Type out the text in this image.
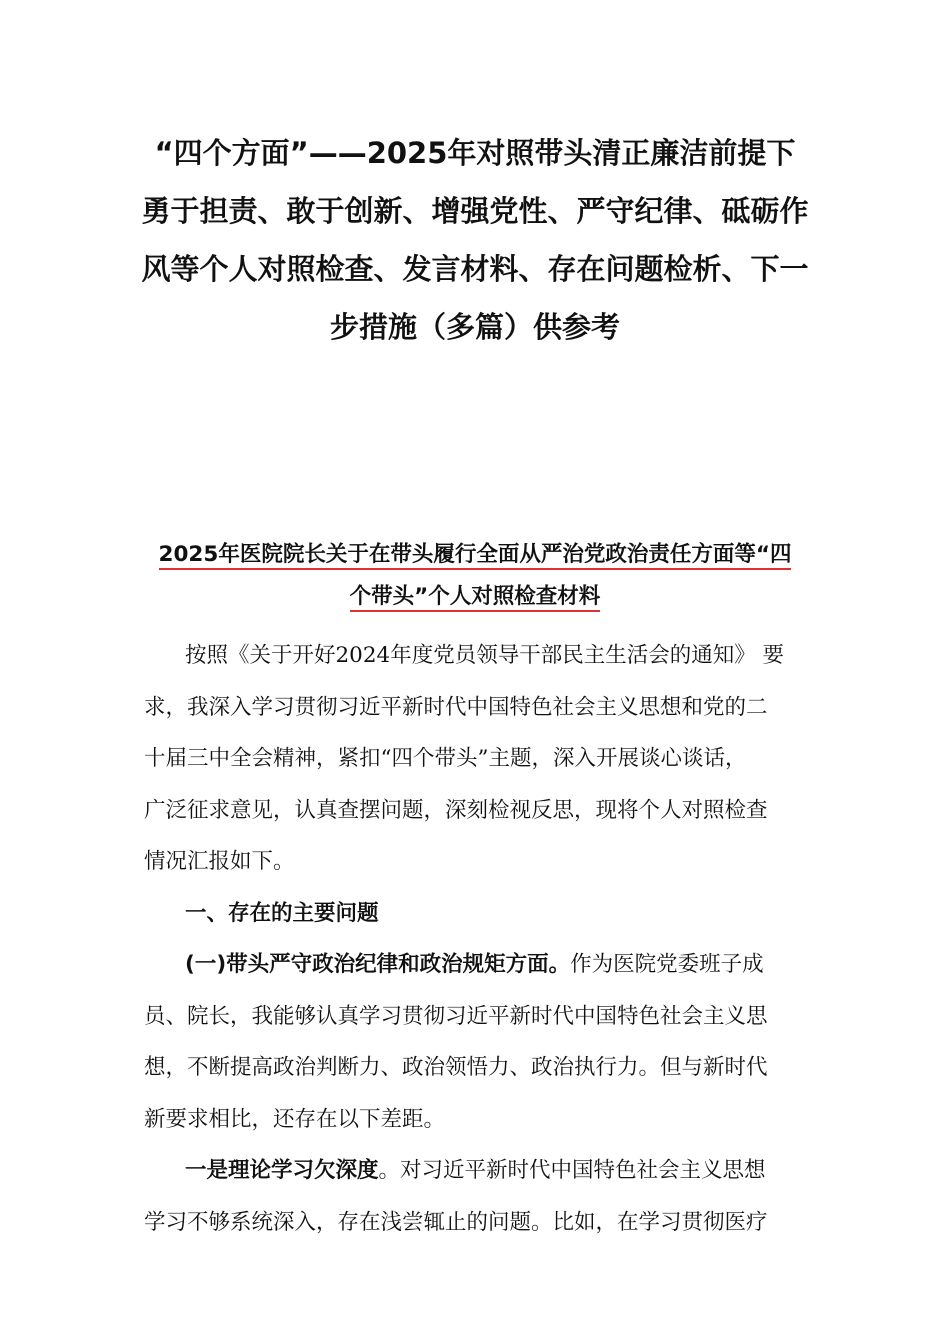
“四个方面”——2025年对照带头清正廉洁前提下
勇于担责、敢于创新、增强党性、严守纪律、砥砺作
风等个人对照检查、发言材料、存在问题检析、下一
步措施（多篇）供参考
2025年医院院长关于在带头履行全面从严治党政治责任方面等“四
个带头”个人对照检查材料
按照《关于开好2024年度党员领导干部民主生活会的通知》 要
求，我深入学习贯彻习近平新时代中国特色社会主义思想和党的二
十届三中全会精神，紧扣“四个带头”主题，深入开展谈心谈话，
广泛征求意见，认真查摆问题，深刻检视反思，现将个人对照检查
情况汇报如下。
一、存在的主要问题
(一)带头严守政治纪律和政治规矩方面。作为医院党委班子成
员、院长，我能够认真学习贯彻习近平新时代中国特色社会主义思
想，不断提高政治判断力、政治领悟力、政治执行力。但与新时代
新要求相比，还存在以下差距。
一是理论学习欠深度。对习近平新时代中国特色社会主义思想
学习不够系统深入，存在浅尝辄止的问题。比如，在学习贯彻医疗
